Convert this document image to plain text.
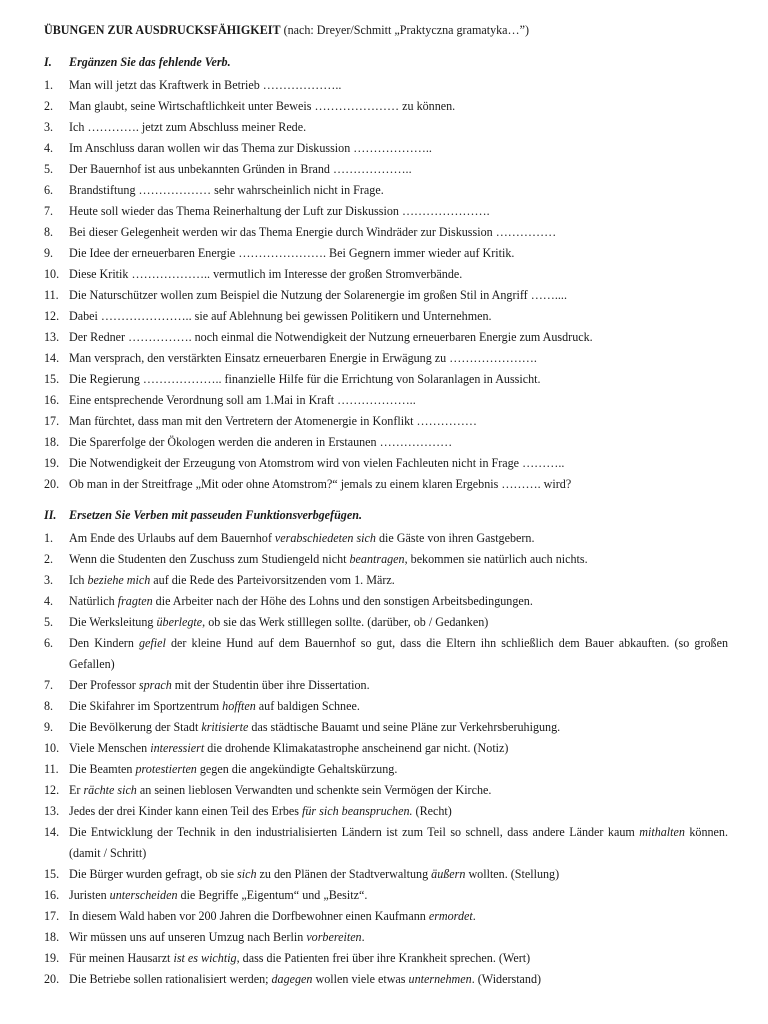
ÜBUNGEN ZUR AUSDRUCKSFÄHIGKEIT (nach: Dreyer/Schmitt „Praktyczna gramatyka…”)
I. Ergänzen Sie das fehlende Verb.
1.	Man will jetzt das Kraftwerk in Betrieb ………………..
2.	Man glaubt, seine Wirtschaftlichkeit unter Beweis ………………… zu können.
3.	Ich …………. jetzt zum Abschluss meiner Rede.
4.	Im Anschluss daran wollen wir das Thema zur Diskussion ………………..
5.	Der Bauernhof ist aus unbekannten Gründen in Brand ………………..
6.	Brandstiftung ……………… sehr wahrscheinlich nicht in Frage.
7.	Heute soll wieder das Thema Reinerhaltung der Luft zur Diskussion ………………….
8.	Bei dieser Gelegenheit werden wir das Thema Energie durch Windräder zur Diskussion ……………
9.	Die Idee der erneuerbaren Energie …………………. Bei Gegnern immer wieder auf Kritik.
10. Diese Kritik ……………….. vermutlich im Interesse der großen Stromverbände.
11. Die Naturschützer wollen zum Beispiel die Nutzung der Solarenergie im großen Stil in Angriff ……....
12. Dabei ………………….. sie auf Ablehnung bei gewissen Politikern und Unternehmen.
13. Der Redner ……………. noch einmal die Notwendigkeit der Nutzung erneuerbaren Energie zum Ausdruck.
14. Man versprach, den verstärkten Einsatz erneuerbaren Energie in Erwägung zu ………………….
15. Die Regierung ……………….. finanzielle Hilfe für die Errichtung von Solaranlagen in Aussicht.
16. Eine entsprechende Verordnung soll am 1.Mai in Kraft ………………..
17. Man fürchtet, dass man mit den Vertretern der Atomenergie in Konflikt ……………
18. Die Sparerfolge der Ökologen werden die anderen in Erstaunen ………………
19. Die Notwendigkeit der Erzeugung von Atomstrom wird von vielen Fachleuten nicht in Frage ………..
20. Ob man in der Streitfrage „Mit oder ohne Atomstrom?“ jemals zu einem klaren Ergebnis ………. wird?
II. Ersetzen Sie Verben mit passeuden Funktionsverbgefügen.
1.	Am Ende des Urlaubs auf dem Bauernhof verabschiedeten sich die Gäste von ihren Gastgebern.
2.	Wenn die Studenten den Zuschuss zum Studiengeld nicht beantragen, bekommen sie natürlich auch nichts.
3.	Ich beziehe mich auf die Rede des Parteivorsitzenden vom 1. März.
4.	Natürlich fragten die Arbeiter nach der Höhe des Lohns und den sonstigen Arbeitsbedingungen.
5.	Die Werksleitung überlegte, ob sie das Werk stilllegen sollte. (darüber, ob / Gedanken)
6.	Den Kindern gefiel der kleine Hund auf dem Bauernhof so gut, dass die Eltern ihn schließlich dem Bauer abkauften. (so großen Gefallen)
7.	Der Professor sprach mit der Studentin über ihre Dissertation.
8.	Die Skifahrer im Sportzentrum hofften auf baldigen Schnee.
9.	Die Bevölkerung der Stadt kritisierte das städtische Bauamt und seine Pläne zur Verkehrsberuhigung.
10. Viele Menschen interessiert die drohende Klimakatastrophe anscheinend gar nicht. (Notiz)
11. Die Beamten protestierten gegen die angekündigte Gehaltskürzung.
12. Er rächte sich an seinen lieblosen Verwandten und schenkte sein Vermögen der Kirche.
13. Jedes der drei Kinder kann einen Teil des Erbes für sich beanspruchen. (Recht)
14. Die Entwicklung der Technik in den industrialisierten Ländern ist zum Teil so schnell, dass andere Länder kaum mithalten können. (damit / Schritt)
15. Die Bürger wurden gefragt, ob sie sich zu den Plänen der Stadtverwaltung äußern wollten. (Stellung)
16. Juristen unterscheiden die Begriffe „Eigentum“ und „Besitz“.
17. In diesem Wald haben vor 200 Jahren die Dorfbewohner einen Kaufmann ermordet.
18. Wir müssen uns auf unseren Umzug nach Berlin vorbereiten.
19. Für meinen Hausarzt ist es wichtig, dass die Patienten frei über ihre Krankheit sprechen. (Wert)
20. Die Betriebe sollen rationalisiert werden; dagegen wollen viele etwas unternehmen. (Widerstand)
